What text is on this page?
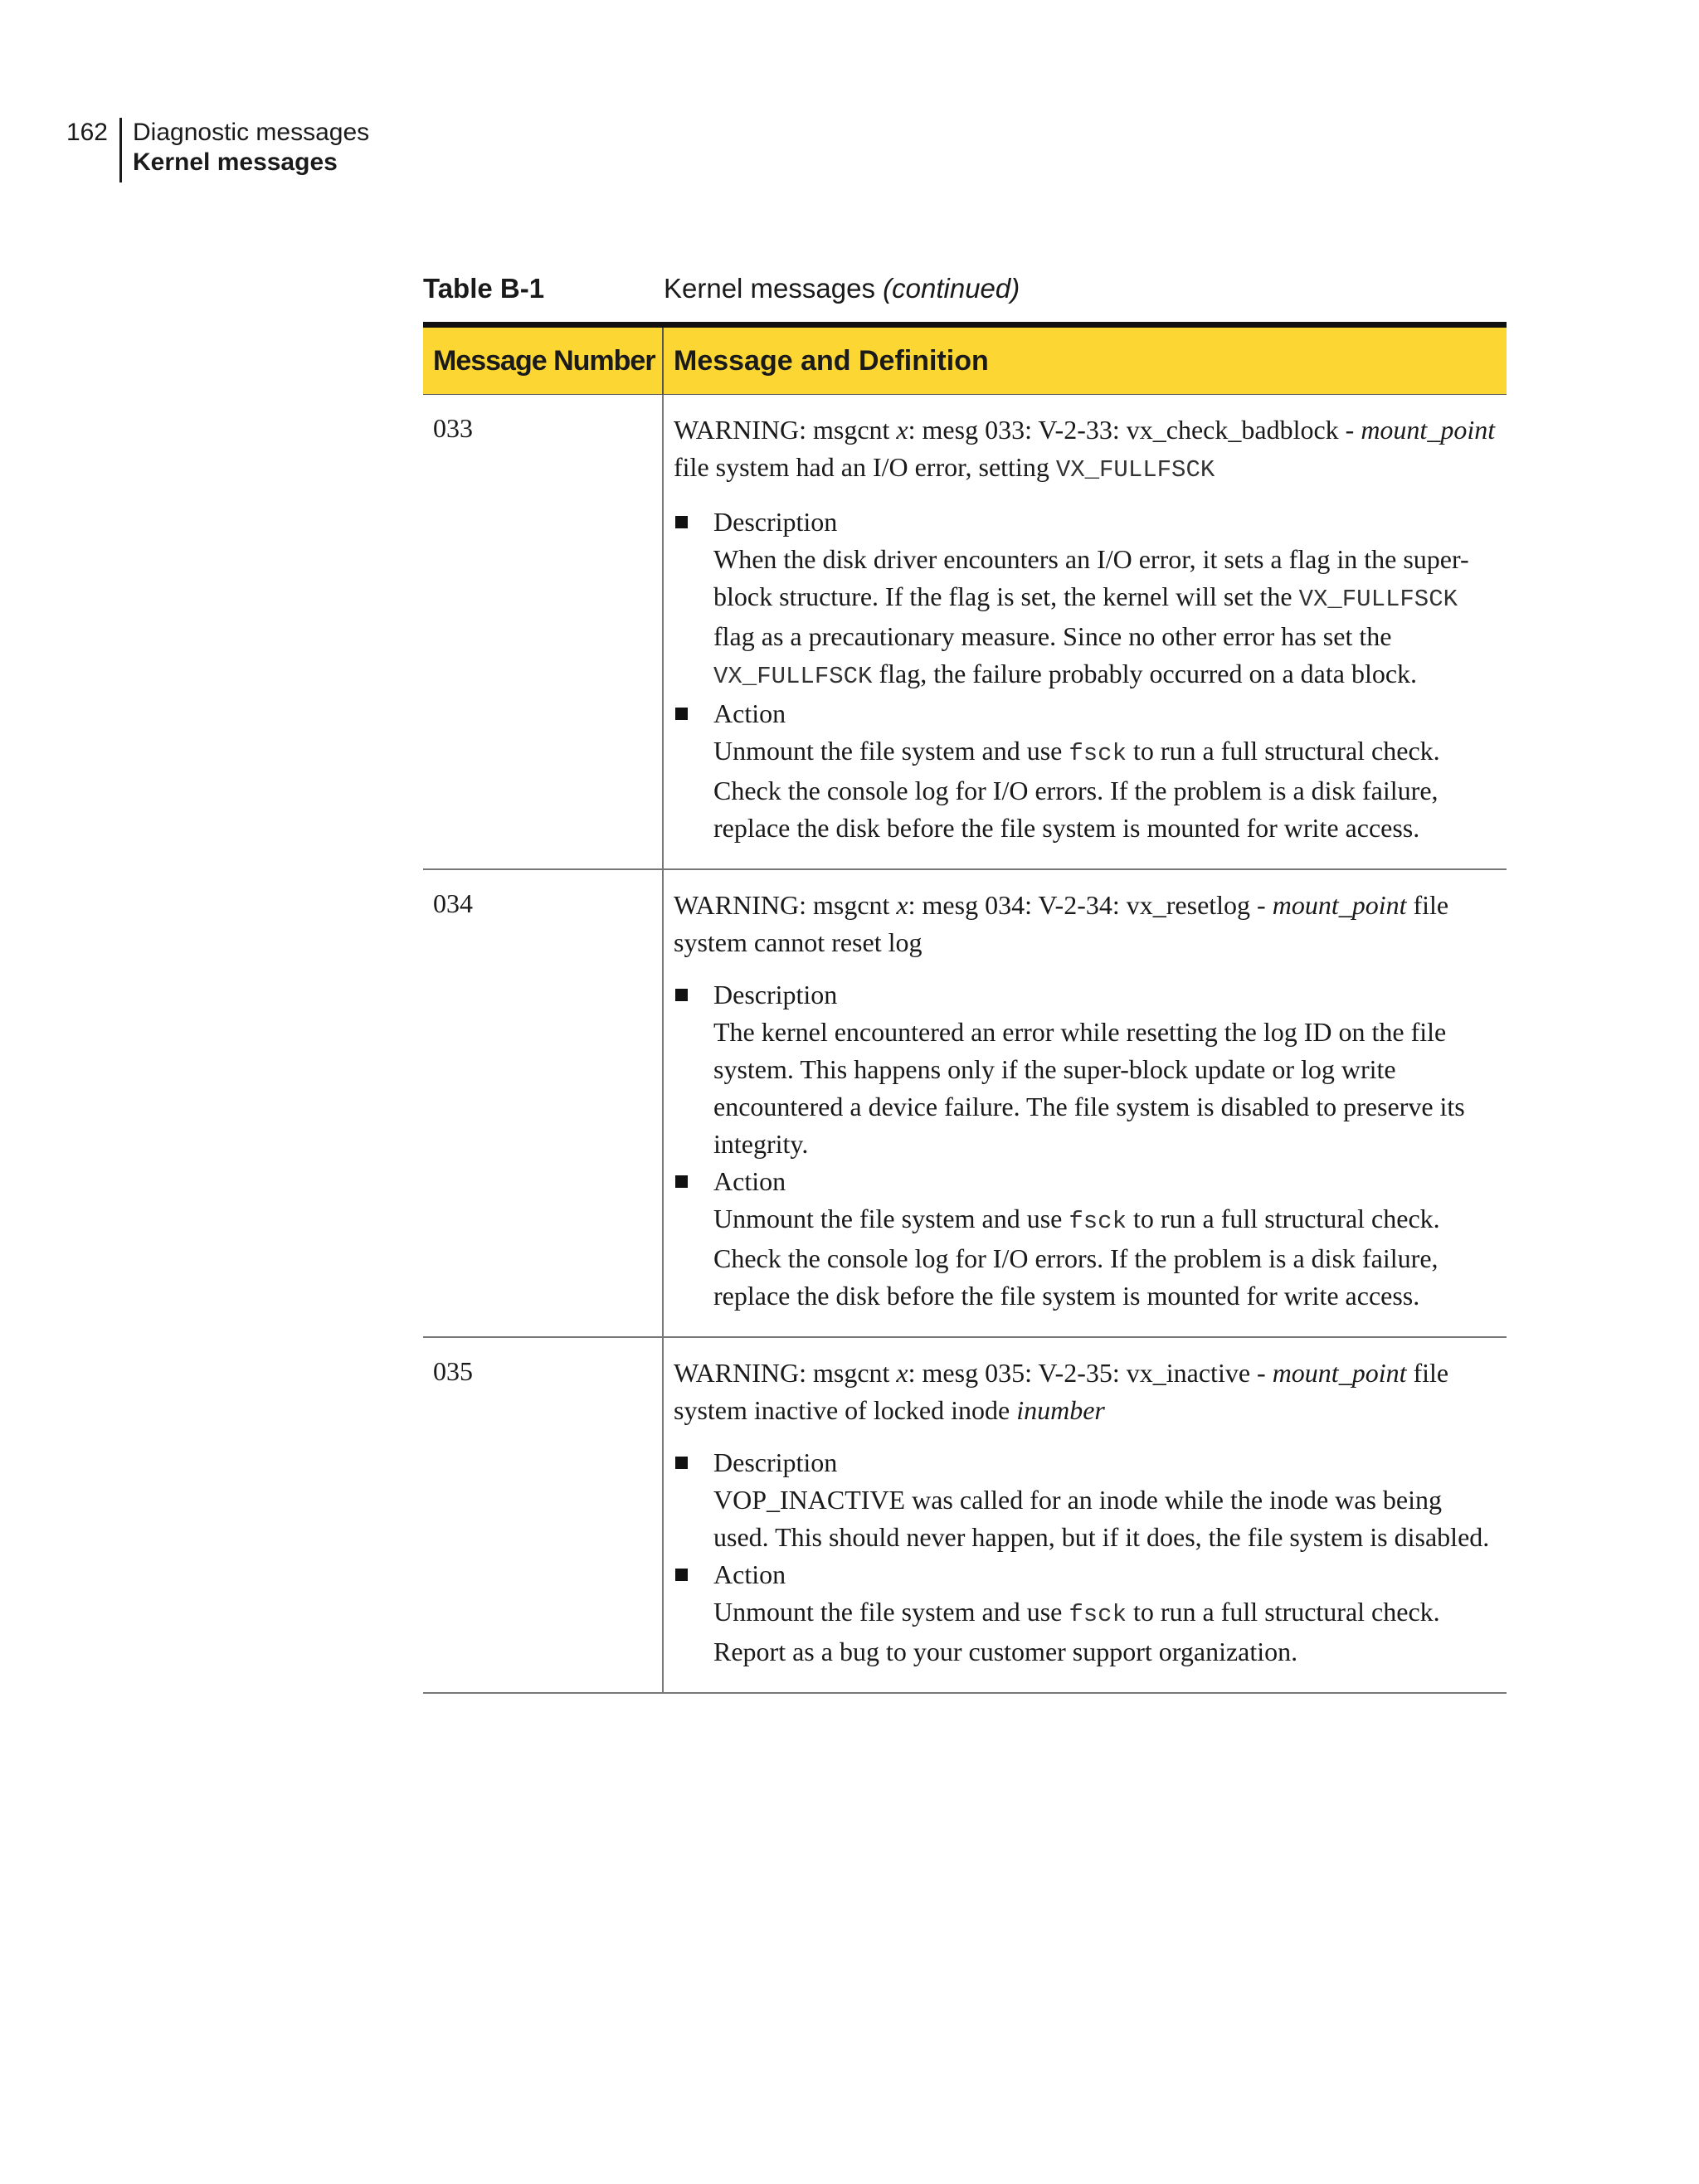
162 Diagnostic messages
Kernel messages
Table B-1	Kernel messages (continued)
Message Number Message and Definition
033	WARNING: msgcnt x: mesg 033: V-2-33: vx_check_badblock - mount_point file system had an I/O error, setting VX_FULLFSCK

Description
When the disk driver encounters an I/O error, it sets a flag in the super-block structure. If the flag is set, the kernel will set the VX_FULLFSCK flag as a precautionary measure. Since no other error has set the VX_FULLFSCK flag, the failure probably occurred on a data block.
Action
Unmount the file system and use fsck to run a full structural check. Check the console log for I/O errors. If the problem is a disk failure, replace the disk before the file system is mounted for write access.
034	WARNING: msgcnt x: mesg 034: V-2-34: vx_resetlog - mount_point file system cannot reset log

Description
The kernel encountered an error while resetting the log ID on the file system. This happens only if the super-block update or log write encountered a device failure. The file system is disabled to preserve its integrity.
Action
Unmount the file system and use fsck to run a full structural check. Check the console log for I/O errors. If the problem is a disk failure, replace the disk before the file system is mounted for write access.
035	WARNING: msgcnt x: mesg 035: V-2-35: vx_inactive - mount_point file system inactive of locked inode inumber

Description
VOP_INACTIVE was called for an inode while the inode was being used. This should never happen, but if it does, the file system is disabled.
Action
Unmount the file system and use fsck to run a full structural check. Report as a bug to your customer support organization.
